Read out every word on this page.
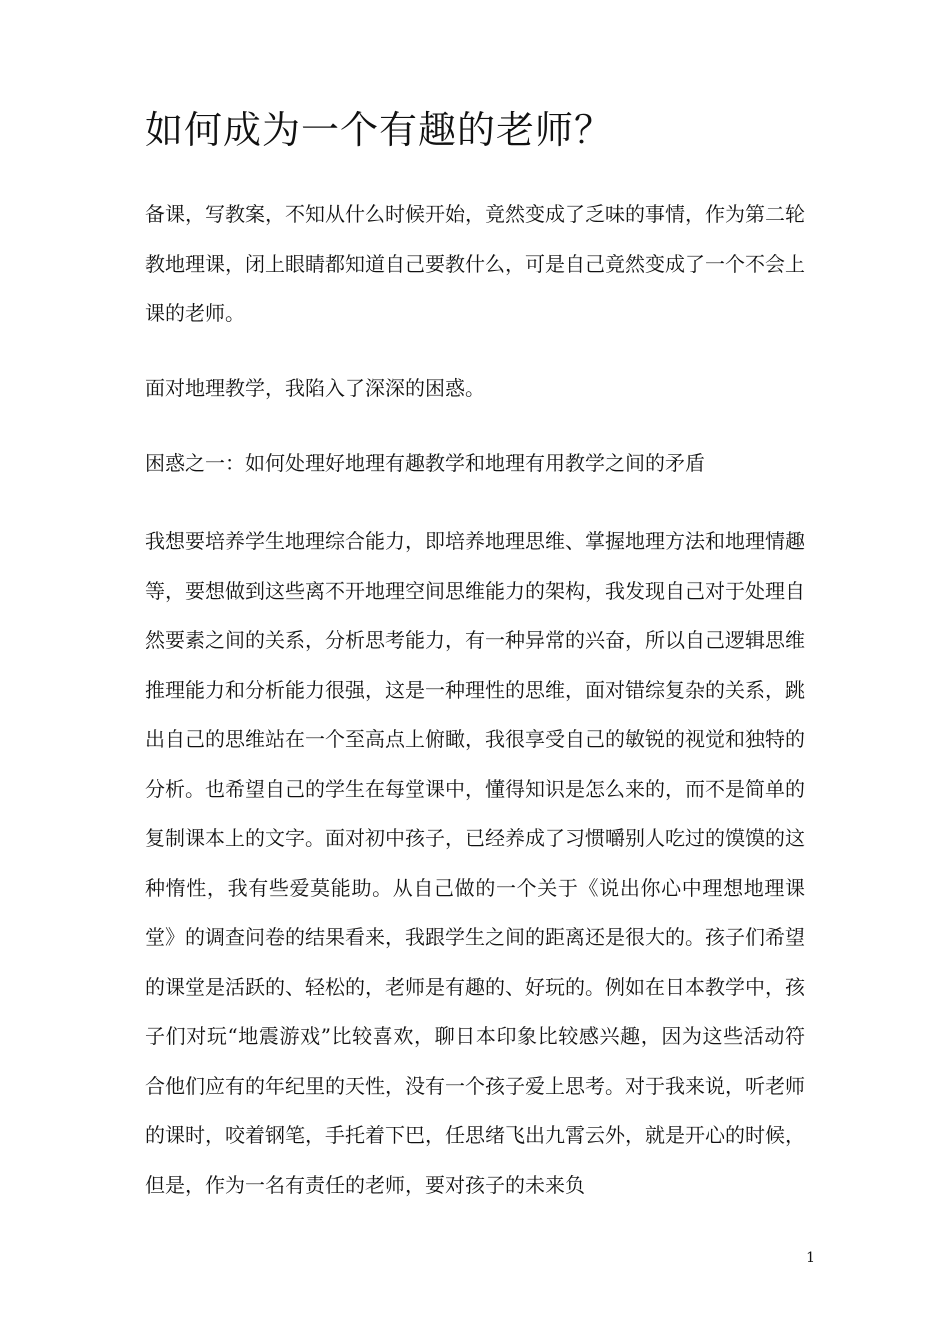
如何成为一个有趣的老师？

备课，写教案，不知从什么时候开始，竟然变成了乏味的事情，作为第二轮教地理课，闭上眼睛都知道自己要教什么，可是自己竟然变成了一个不会上课的老师。

面对地理教学，我陷入了深深的困惑。

困惑之一：如何处理好地理有趣教学和地理有用教学之间的矛盾

我想要培养学生地理综合能力，即培养地理思维、掌握地理方法和地理情趣等，要想做到这些离不开地理空间思维能力的架构，我发现自己对于处理自然要素之间的关系，分析思考能力，有一种异常的兴奋，所以自己逻辑思维推理能力和分析能力很强，这是一种理性的思维，面对错综复杂的关系，跳出自己的思维站在一个至高点上俯瞰，我很享受自己的敏锐的视觉和独特的分析。也希望自己的学生在每堂课中，懂得知识是怎么来的，而不是简单的复制课本上的文字。面对初中孩子，已经养成了习惯嚼别人吃过的馍馍的这种惰性，我有些爱莫能助。从自己做的一个关于《说出你心中理想地理课堂》的调查问卷的结果看来，我跟学生之间的距离还是很大的。孩子们希望的课堂是活跃的、轻松的，老师是有趣的、好玩的。例如在日本教学中，孩子们对玩“地震游戏”比较喜欢，聊日本印象比较感兴趣，因为这些活动符合他们应有的年纪里的天性，没有一个孩子爱上思考。对于我来说，听老师的课时，咬着钢笔，手托着下巴，任思绪飞出九霄云外，就是开心的时候，但是，作为一名有责任的老师，要对孩子的未来负

1
